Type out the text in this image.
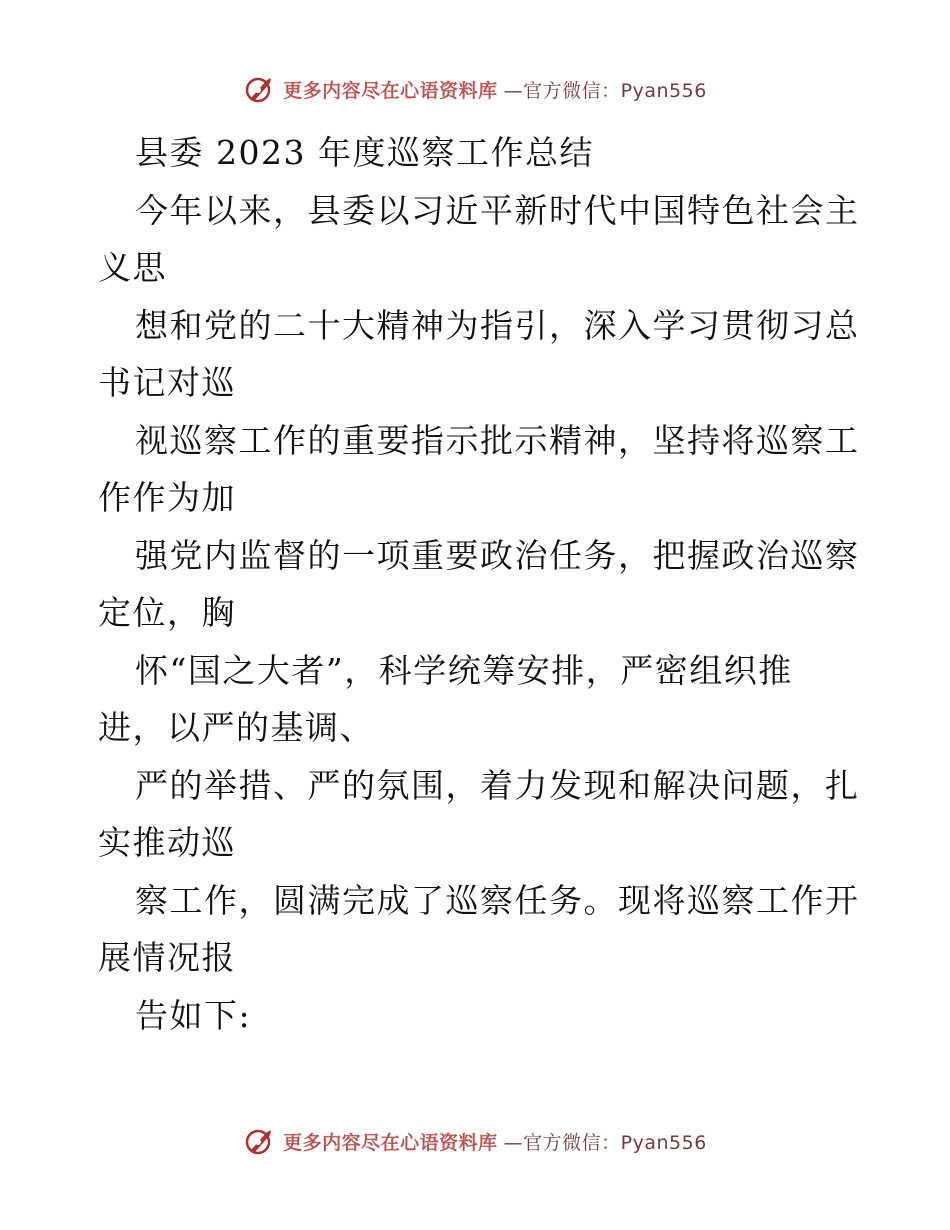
更多内容尽在心语资料库 —官方微信：Pyan556
县委 2023 年度巡察工作总结
今年以来，县委以习近平新时代中国特色社会主
义思
想和党的二十大精神为指引，深入学习贯彻习总
书记对巡
视巡察工作的重要指示批示精神，坚持将巡察工
作作为加
强党内监督的一项重要政治任务，把握政治巡察
定位，胸
怀“国之大者”，科学统筹安排，严密组织推
进，以严的基调、
严的举措、严的氛围，着力发现和解决问题，扎
实推动巡
察工作，圆满完成了巡察任务。现将巡察工作开
展情况报
告如下:
更多内容尽在心语资料库 —官方微信：Pyan556
